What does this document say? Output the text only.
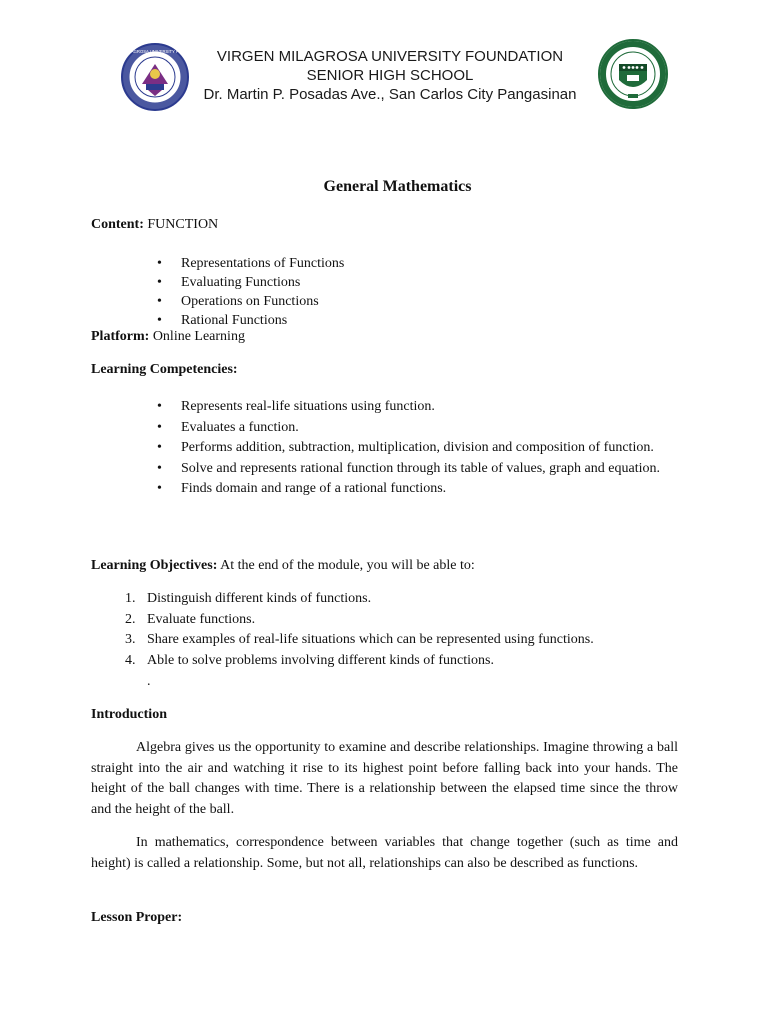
VIRGEN MILAGROSA UNIVERSITY FOUNDATION VIRGEN MILAGROSA UNIVERSITY FOUNDATION
SENIOR HIGH SCHOOL
Dr. Martin P. Posadas Ave., San Carlos City Pangasinan
General Mathematics
Content: FUNCTION
• Representations of Functions
• Evaluating Functions
• Operations on Functions
• Rational Functions
Platform: Online Learning
Learning Competencies:
• Represents real-life situations using function.
• Evaluates a function.
• Performs addition, subtraction, multiplication, division and composition of function.
• Solve and represents rational function through its table of values, graph and equation.
• Finds domain and range of a rational functions.
Learning Objectives: At the end of the module, you will be able to:
1. Distinguish different kinds of functions.
2. Evaluate functions.
3. Share examples of real-life situations which can be represented using functions.
4. Able to solve problems involving different kinds of functions.
.
Introduction
Algebra gives us the opportunity to examine and describe relationships. Imagine throwing a ball straight into the air and watching it rise to its highest point before falling back into your hands. The height of the ball changes with time. There is a relationship between the elapsed time since the throw and the height of the ball.
In mathematics, correspondence between variables that change together (such as time and height) is called a relationship. Some, but not all, relationships can also be described as functions.
Lesson Proper:
